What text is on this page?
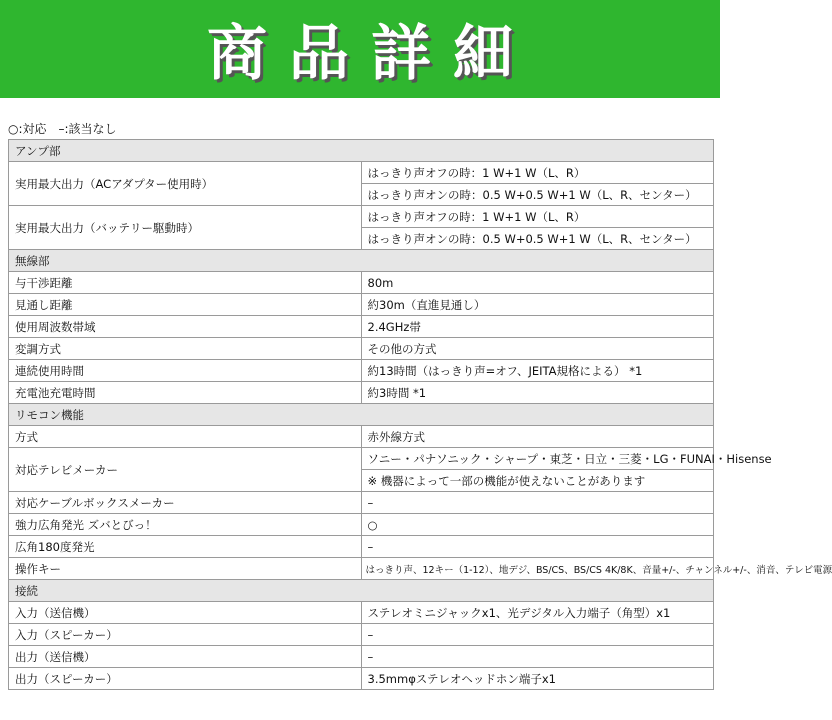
商品詳細
○:対応　–:該当なし
アンプ部	
実用最大出力（ACアダプター使用時）	はっきり声オフの時：1 W+1 W（L、R）
	はっきり声オンの時：0.5 W+0.5 W+1 W（L、R、センター）
実用最大出力（バッテリー駆動時）	はっきり声オフの時：1 W+1 W（L、R）
	はっきり声オンの時：0.5 W+0.5 W+1 W（L、R、センター）
無線部	
与干渉距離	80m
見通し距離	約30m（直進見通し）
使用周波数帯域	2.4GHz帯
変調方式	その他の方式
連続使用時間	約13時間（はっきり声=オフ、JEITA規格による） *1
充電池充電時間	約3時間 *1
リモコン機能	
方式	赤外線方式
対応テレビメーカー	ソニー・パナソニック・シャープ・東芝・日立・三菱・LG・FUNAI・Hisense
	※ 機器によって一部の機能が使えないことがあります
対応ケーブルボックスメーカー	–
強力広角発光 ズバとびっ！	○
広角180度発光	–
操作キー	はっきり声、12キー（1-12）、地デジ、BS/CS、BS/CS 4K/8K、音量+/-、チャンネル+/-、消音、テレビ電源
接続	
入力（送信機）	ステレオミニジャックx1、光デジタル入力端子（角型）x1
入力（スピーカー）	–
出力（送信機）	–
出力（スピーカー）	3.5mmφステレオヘッドホン端子x1
